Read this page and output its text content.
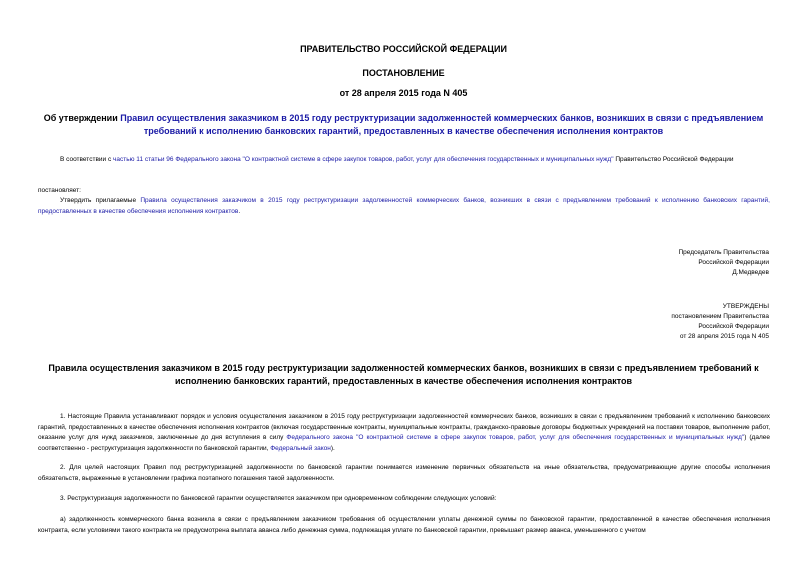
ПРАВИТЕЛЬСТВО РОССИЙСКОЙ ФЕДЕРАЦИИ
ПОСТАНОВЛЕНИЕ
от 28 апреля 2015 года N 405
Об утверждении Правил осуществления заказчиком в 2015 году реструктуризации задолженностей коммерческих банков, возникших в связи с предъявлением требований к исполнению банковских гарантий, предоставленных в качестве обеспечения исполнения контрактов
В соответствии с частью 11 статьи 96 Федерального закона "О контрактной системе в сфере закупок товаров, работ, услуг для обеспечения государственных и муниципальных нужд" Правительство Российской Федерации
постановляет:
Утвердить прилагаемые Правила осуществления заказчиком в 2015 году реструктуризации задолженностей коммерческих банков, возникших в связи с предъявлением требований к исполнению банковских гарантий, предоставленных в качестве обеспечения исполнения контрактов.
Председатель Правительства
Российской Федерации
Д.Медведев
УТВЕРЖДЕНЫ
постановлением Правительства
Российской Федерации
от 28 апреля 2015 года N 405
Правила осуществления заказчиком в 2015 году реструктуризации задолженностей коммерческих банков, возникших в связи с предъявлением требований к исполнению банковских гарантий, предоставленных в качестве обеспечения исполнения контрактов
1. Настоящие Правила устанавливают порядок и условия осуществления заказчиком в 2015 году реструктуризации задолженностей коммерческих банков, возникших в связи с предъявлением требований к исполнению банковских гарантий, предоставленных в качестве обеспечения исполнения контрактов (включая государственные контракты, муниципальные контракты, гражданско-правовые договоры бюджетных учреждений на поставки товаров, выполнение работ, оказание услуг для нужд заказчиков, заключенные до дня вступления в силу Федерального закона "О контрактной системе в сфере закупок товаров, работ, услуг для обеспечения государственных и муниципальных нужд") (далее соответственно - реструктуризация задолженности по банковской гарантии, Федеральный закон).
2. Для целей настоящих Правил под реструктуризацией задолженности по банковской гарантии понимается изменение первичных обязательств на иные обязательства, предусматривающие другие способы исполнения обязательств, выраженные в установлении графика поэтапного погашения такой задолженности.
3. Реструктуризация задолженности по банковской гарантии осуществляется заказчиком при одновременном соблюдении следующих условий:
а) задолженность коммерческого банка возникла в связи с предъявлением заказчиком требования об осуществлении уплаты денежной суммы по банковской гарантии, предоставленной в качестве обеспечения исполнения контракта, если условиями такого контракта не предусмотрена выплата аванса либо денежная сумма, подлежащая уплате по банковской гарантии, превышает размер аванса, уменьшенного с учетом
